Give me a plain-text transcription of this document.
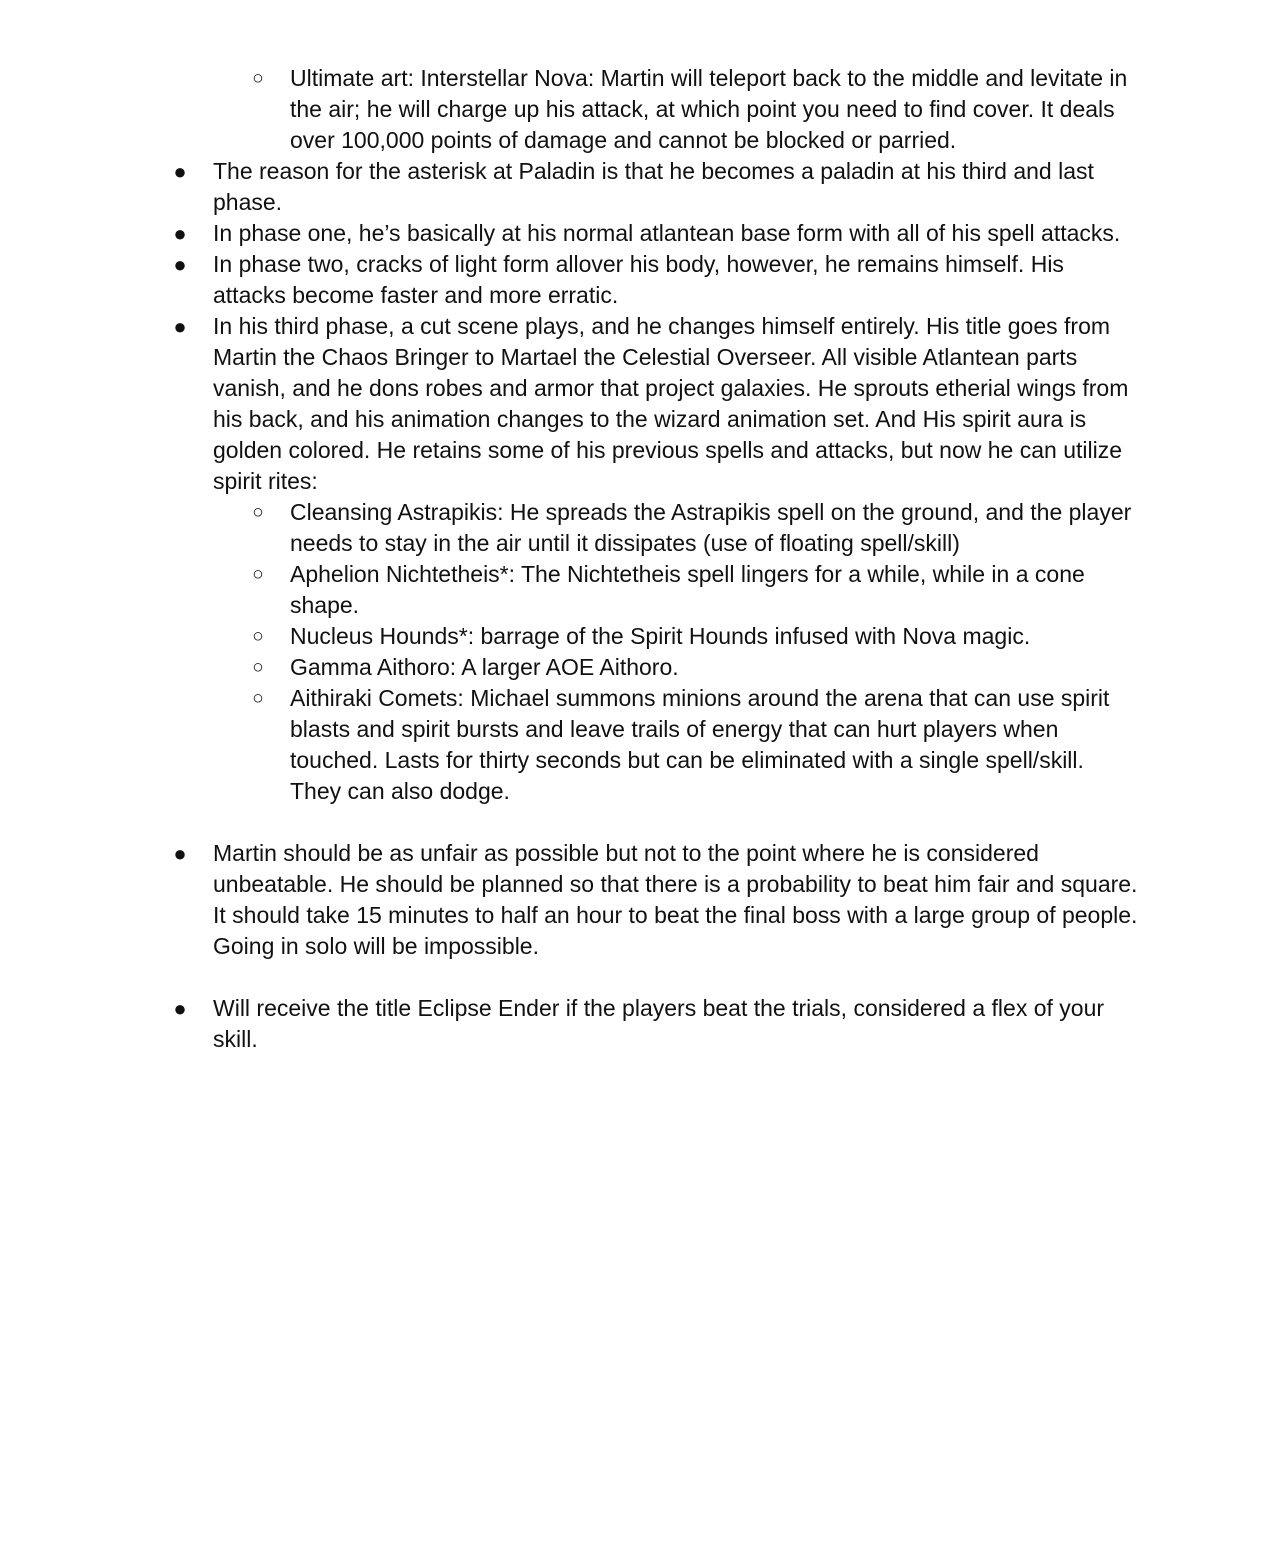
○ Ultimate art: Interstellar Nova: Martin will teleport back to the middle and levitate in the air; he will charge up his attack, at which point you need to find cover. It deals over 100,000 points of damage and cannot be blocked or parried.
● The reason for the asterisk at Paladin is that he becomes a paladin at his third and last phase.
● In phase one, he’s basically at his normal atlantean base form with all of his spell attacks.
● In phase two, cracks of light form allover his body, however, he remains himself. His attacks become faster and more erratic.
● In his third phase, a cut scene plays, and he changes himself entirely. His title goes from Martin the Chaos Bringer to Martael the Celestial Overseer. All visible Atlantean parts vanish, and he dons robes and armor that project galaxies. He sprouts etherial wings from his back, and his animation changes to the wizard animation set. And His spirit aura is golden colored. He retains some of his previous spells and attacks, but now he can utilize spirit rites:
○ Cleansing Astrapikis: He spreads the Astrapikis spell on the ground, and the player needs to stay in the air until it dissipates (use of floating spell/skill)
○ Aphelion Nichtetheis*: The Nichtetheis spell lingers for a while, while in a cone shape.
○ Nucleus Hounds*: barrage of the Spirit Hounds infused with Nova magic.
○ Gamma Aithoro: A larger AOE Aithoro.
○ Aithiraki Comets: Michael summons minions around the arena that can use spirit blasts and spirit bursts and leave trails of energy that can hurt players when touched. Lasts for thirty seconds but can be eliminated with a single spell/skill. They can also dodge.
● Martin should be as unfair as possible but not to the point where he is considered unbeatable. He should be planned so that there is a probability to beat him fair and square. It should take 15 minutes to half an hour to beat the final boss with a large group of people. Going in solo will be impossible.
● Will receive the title Eclipse Ender if the players beat the trials, considered a flex of your skill.
